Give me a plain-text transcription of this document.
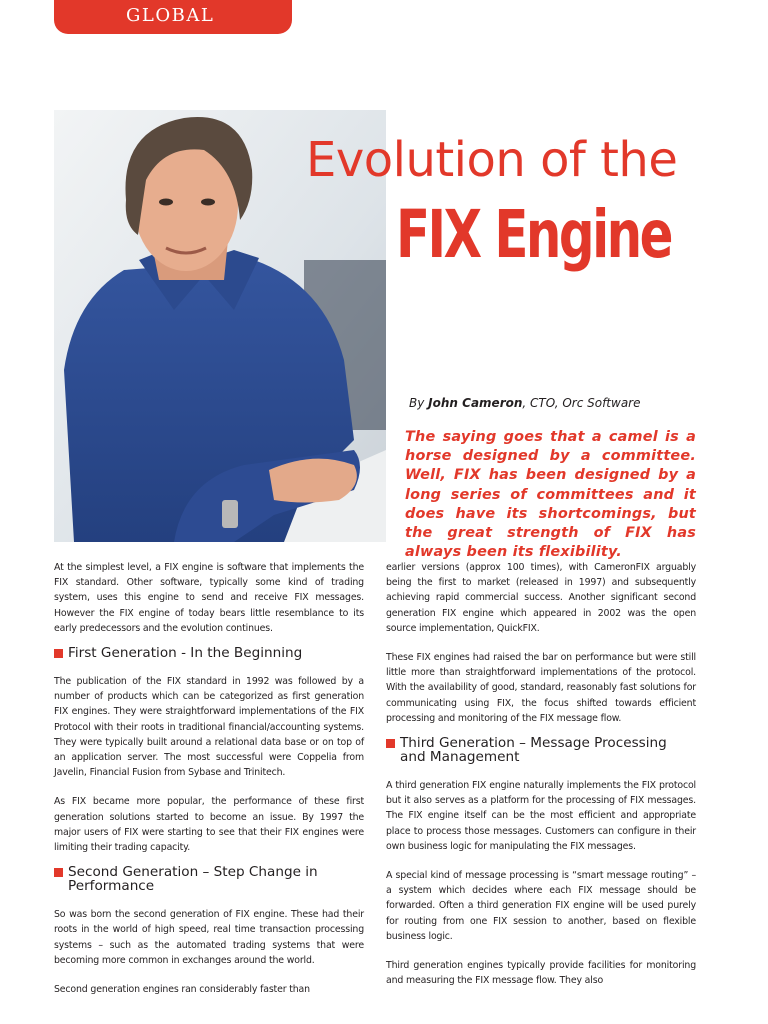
GLOBAL
Evolution of the
FIX Engine
By John Cameron, CTO, Orc Software
The saying goes that a camel is a horse designed by a committee. Well, FIX has been designed by a long series of committees and it does have its shortcomings, but the great strength of FIX has always been its flexibility.

At the simplest level, a FIX engine is software that implements the FIX standard. Other software, typically some kind of trading system, uses this engine to send and receive FIX messages. However the FIX engine of today bears little resemblance to its early predecessors and the evolution continues.

First Generation - In the Beginning

The publication of the FIX standard in 1992 was followed by a number of products which can be categorized as first generation FIX engines. They were straightforward implementations of the FIX Protocol with their roots in traditional financial/accounting systems. They were typically built around a relational data base or on top of an application server. The most successful were Coppelia from Javelin, Financial Fusion from Sybase and Trinitech.

As FIX became more popular, the performance of these first generation solutions started to become an issue. By 1997 the major users of FIX were starting to see that their FIX engines were limiting their trading capacity.

Second Generation – Step Change in Performance

So was born the second generation of FIX engine. These had their roots in the world of high speed, real time transaction processing systems – such as the automated trading systems that were becoming more common in exchanges around the world.

Second generation engines ran considerably faster than

earlier versions (approx 100 times), with CameronFIX arguably being the first to market (released in 1997) and subsequently achieving rapid commercial success. Another significant second generation FIX engine which appeared in 2002 was the open source implementation, QuickFIX.

These FIX engines had raised the bar on performance but were still little more than straightforward implementations of the protocol. With the availability of good, standard, reasonably fast solutions for communicating using FIX, the focus shifted towards efficient processing and monitoring of the FIX message flow.

Third Generation – Message Processing and Management

A third generation FIX engine naturally implements the FIX protocol but it also serves as a platform for the processing of FIX messages. The FIX engine itself can be the most efficient and appropriate place to process those messages. Customers can configure in their own business logic for manipulating the FIX messages.

A special kind of message processing is “smart message routing” – a system which decides where each FIX message should be forwarded. Often a third generation FIX engine will be used purely for routing from one FIX session to another, based on flexible business logic.

Third generation engines typically provide facilities for monitoring and measuring the FIX message flow. They also
